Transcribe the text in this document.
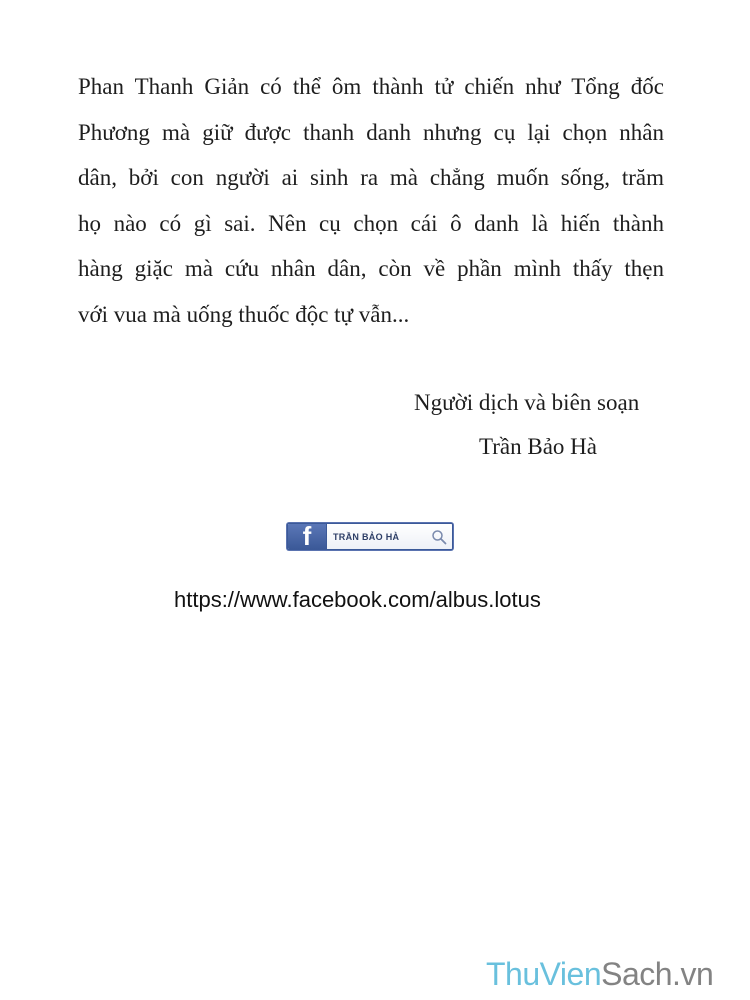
Phan Thanh Giản có thể ôm thành tử chiến như Tổng đốc
Phương mà giữ được thanh danh nhưng cụ lại chọn nhân
dân, bởi con người ai sinh ra mà chẳng muốn sống, trăm
họ nào có gì sai. Nên cụ chọn cái ô danh là hiến thành
hàng giặc mà cứu nhân dân, còn về phần mình thấy thẹn
với vua mà uống thuốc độc tự vẫn...

Người dịch và biên soạn
Trần Bảo Hà
f TRẦN BẢO HÀ
https://www.facebook.com/albus.lotus
ThuVienSach.vn
